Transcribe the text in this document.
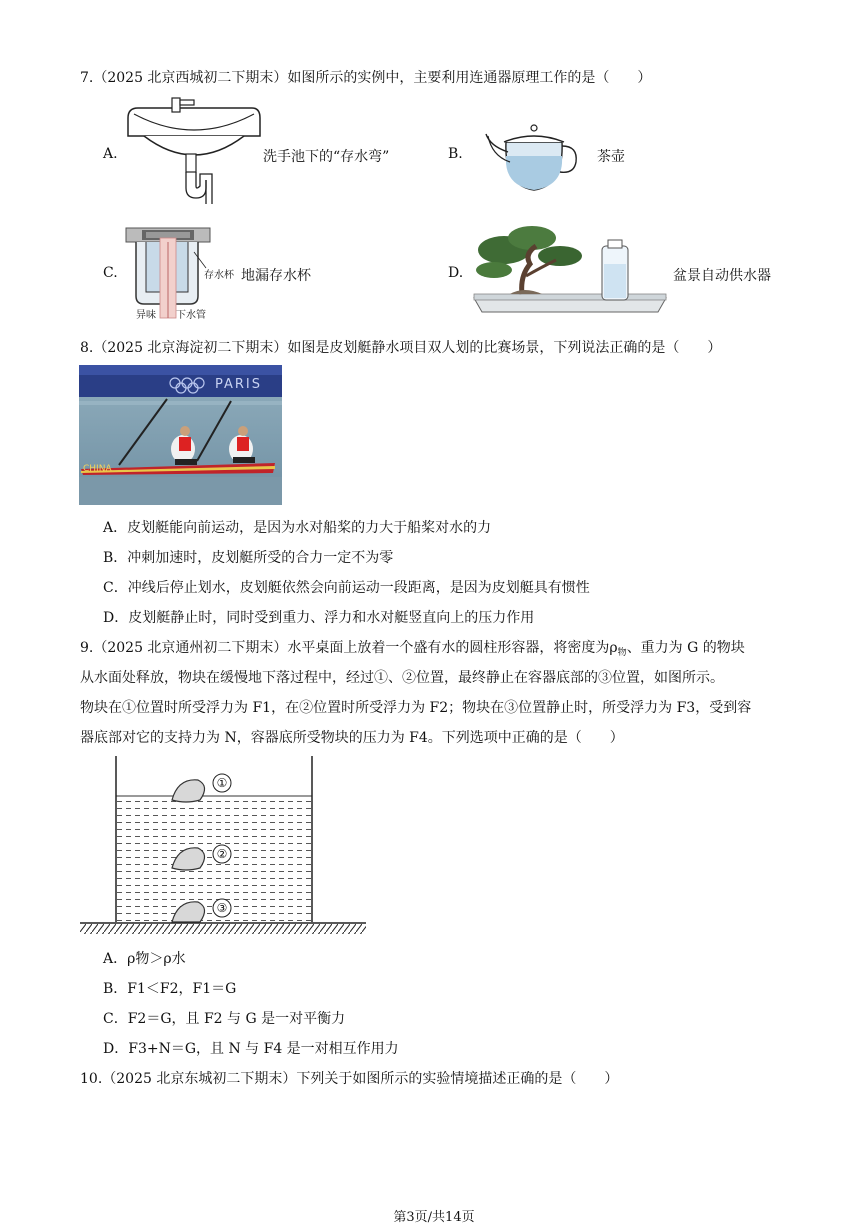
7.（2025 北京西城初二下期末）如图所示的实例中，主要利用连通器原理工作的是（　　）
A.	洗手池下的“存水弯”	B.	茶壶
C.	存水杯
异味 下水管
地漏存水杯	D.	盆景自动供水器
8.（2025 北京海淀初二下期末）如图是皮划艇静水项目双人划的比赛场景，下列说法正确的是（　　）
PARIS
CHINA
A．皮划艇能向前运动，是因为水对船桨的力大于船桨对水的力
B．冲刺加速时，皮划艇所受的合力一定不为零
C．冲线后停止划水，皮划艇依然会向前运动一段距离，是因为皮划艇具有惯性
D．皮划艇静止时，同时受到重力、浮力和水对艇竖直向上的压力作用
9.（2025 北京通州初二下期末）水平桌面上放着一个盛有水的圆柱形容器，将密度为$\rho_物$、重力为 G 的物块
从水面处释放，物块在缓慢地下落过程中，经过①、②位置，最终静止在容器底部的③位置，如图所示。
物块在①位置时所受浮力为 F1，在②位置时所受浮力为 F2；物块在③位置静止时，所受浮力为 F3，受到容
器底部对它的支持力为 N，容器底所受物块的压力为 F4。下列选项中正确的是（　　）
①
②
③
A．ρ物＞ρ水
B．F1＜F2，F1＝G
C．F2＝G，且 F2 与 G 是一对平衡力
D．F3+N＝G，且 N 与 F4 是一对相互作用力
10.（2025 北京东城初二下期末）下列关于如图所示的实验情境描述正确的是（　　）
第3页/共14页
